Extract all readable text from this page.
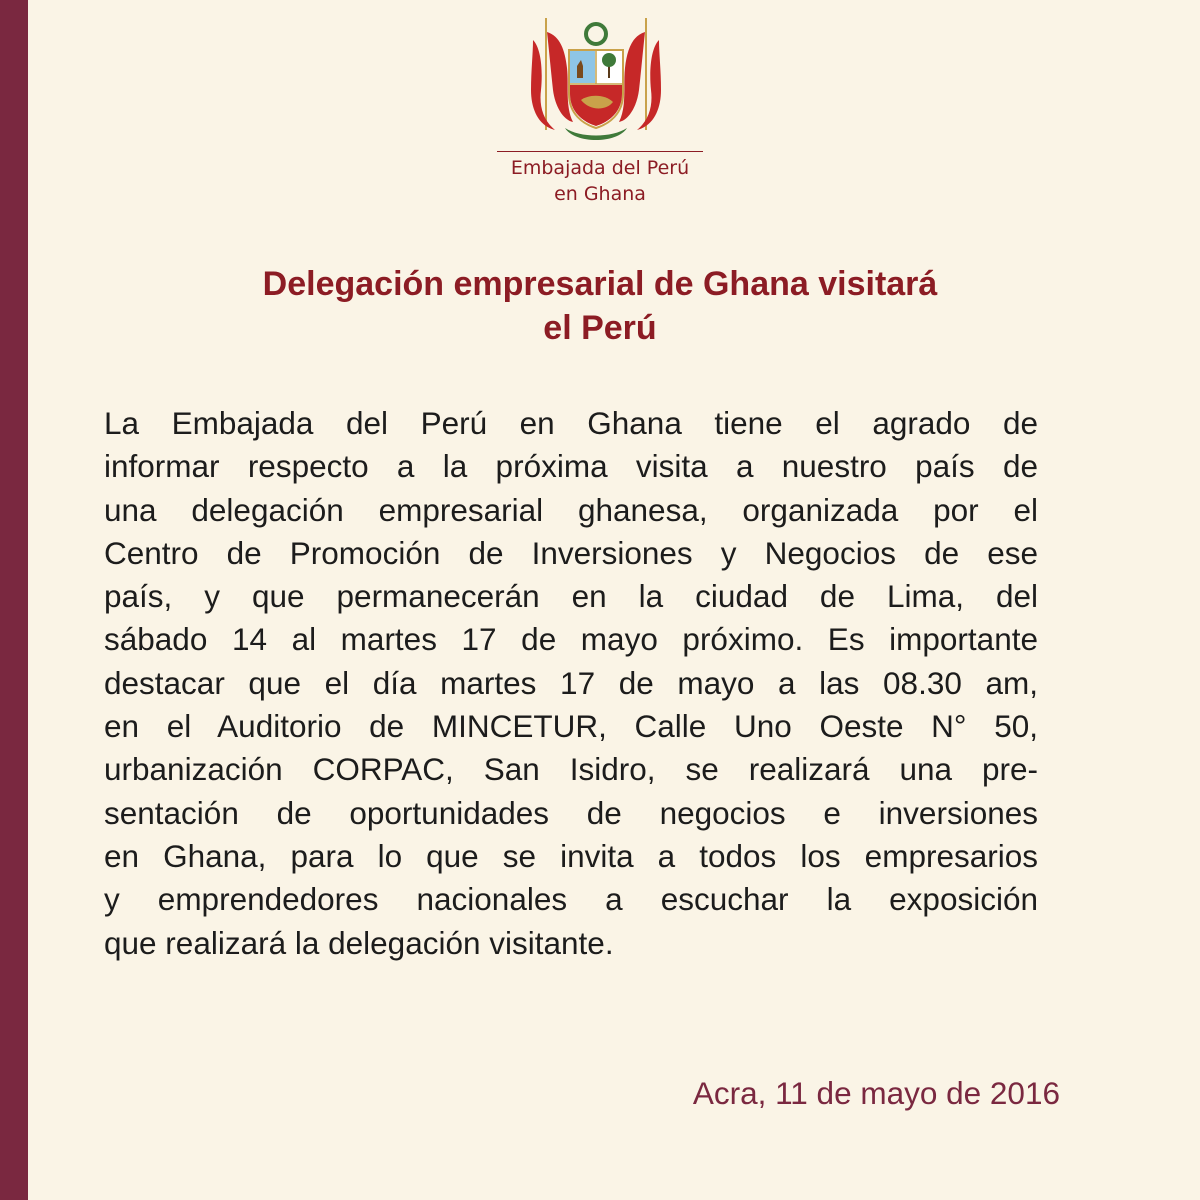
Embajada del Perú
en Ghana
Delegación empresarial de Ghana visitará
el Perú
La Embajada del Perú en Ghana tiene el agrado de
informar respecto a la próxima visita a nuestro país de
una delegación empresarial ghanesa, organizada por el
Centro de Promoción de Inversiones y Negocios de ese
país, y que permanecerán en la ciudad de Lima, del
sábado 14 al martes 17 de mayo próximo. Es importante
destacar que el día martes 17 de mayo a las 08.30 am,
en el Auditorio de MINCETUR, Calle Uno Oeste N° 50,
urbanización CORPAC, San Isidro, se realizará una pre-
sentación de oportunidades de negocios e inversiones
en Ghana, para lo que se invita a todos los empresarios
y emprendedores nacionales a escuchar la exposición
que realizará la delegación visitante.
Acra, 11 de mayo de 2016
